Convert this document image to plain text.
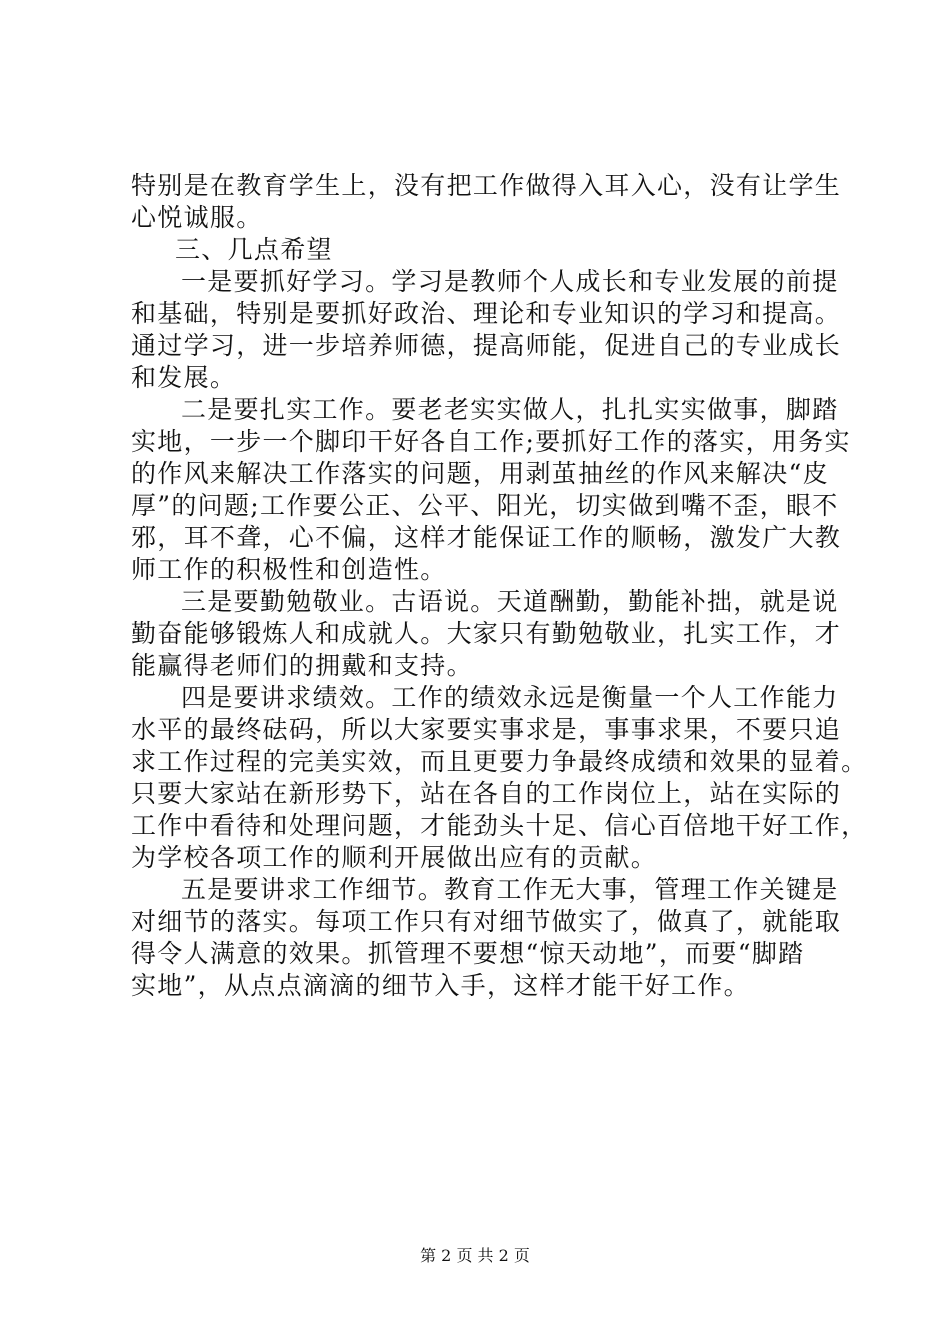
特别是在教育学生上，没有把工作做得入耳入心，没有让学生
心悦诚服。
三、几点希望
一是要抓好学习。学习是教师个人成长和专业发展的前提
和基础，特别是要抓好政治、理论和专业知识的学习和提高。
通过学习，进一步培养师德，提高师能，促进自己的专业成长
和发展。
二是要扎实工作。要老老实实做人，扎扎实实做事，脚踏
实地，一步一个脚印干好各自工作;要抓好工作的落实，用务实
的作风来解决工作落实的问题，用剥茧抽丝的作风来解决“皮
厚”的问题;工作要公正、公平、阳光，切实做到嘴不歪，眼不
邪，耳不聋，心不偏，这样才能保证工作的顺畅，激发广大教
师工作的积极性和创造性。
三是要勤勉敬业。古语说。天道酬勤，勤能补拙，就是说
勤奋能够锻炼人和成就人。大家只有勤勉敬业，扎实工作，才
能赢得老师们的拥戴和支持。
四是要讲求绩效。工作的绩效永远是衡量一个人工作能力
水平的最终砝码，所以大家要实事求是，事事求果，不要只追
求工作过程的完美实效，而且更要力争最终成绩和效果的显着。
只要大家站在新形势下，站在各自的工作岗位上，站在实际的
工作中看待和处理问题，才能劲头十足、信心百倍地干好工作，
为学校各项工作的顺利开展做出应有的贡献。
五是要讲求工作细节。教育工作无大事，管理工作关键是
对细节的落实。每项工作只有对细节做实了，做真了，就能取
得令人满意的效果。抓管理不要想“惊天动地”，而要“脚踏
实地”，从点点滴滴的细节入手，这样才能干好工作。
第 2 页 共 2 页
